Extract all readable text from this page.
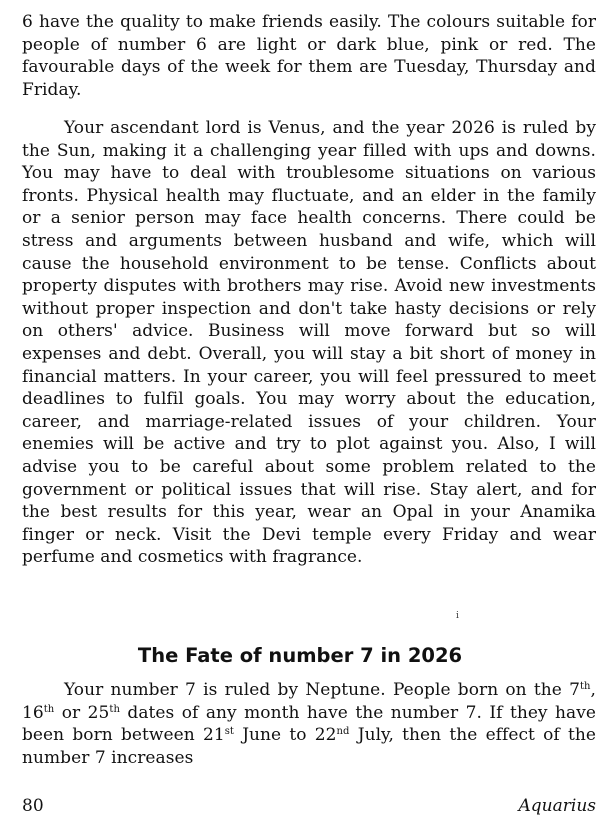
6 have the quality to make friends easily. The colours suitable for people of number 6 are light or dark blue, pink or red. The favourable days of the week for them are Tuesday, Thursday and Friday.

Your ascendant lord is Venus, and the year 2026 is ruled by the Sun, making it a challenging year filled with ups and downs. You may have to deal with troublesome situations on various fronts. Physical health may fluctuate, and an elder in the family or a senior person may face health concerns. There could be stress and arguments between husband and wife, which will cause the household environment to be tense. Conflicts about property disputes with brothers may rise. Avoid new investments without proper inspection and don't take hasty decisions or rely on others' advice. Business will move forward but so will expenses and debt. Overall, you will stay a bit short of money in financial matters. In your career, you will feel pressured to meet deadlines to fulfil goals. You may worry about the education, career, and marriage-related issues of your children. Your enemies will be active and try to plot against you. Also, I will advise you to be careful about some problem related to the government or political issues that will rise. Stay alert, and for the best results for this year, wear an Opal in your Anamika finger or neck. Visit the Devi temple every Friday and wear perfume and cosmetics with fragrance.

ⅰ
The Fate of number 7 in 2026

Your number 7 is ruled by Neptune. People born on the 7th, 16th or 25th dates of any month have the number 7. If they have been born between 21st June to 22nd July, then the effect of the number 7 increases

80	Aquarius
